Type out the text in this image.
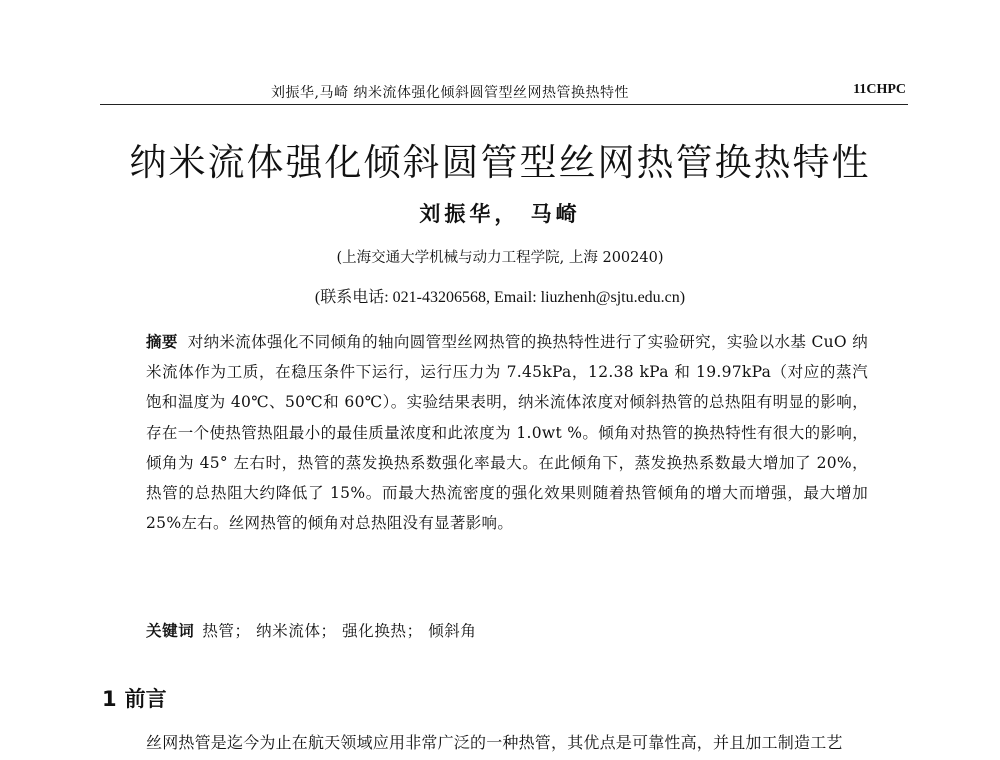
刘振华,马崎 纳米流体强化倾斜圆管型丝网热管换热特性	11CHPC
纳米流体强化倾斜圆管型丝网热管换热特性
刘振华， 马崎
(上海交通大学机械与动力工程学院, 上海 200240)
(联系电话: 021-43206568, Email: liuzhenh@sjtu.edu.cn)
摘要 对纳米流体强化不同倾角的轴向圆管型丝网热管的换热特性进行了实验研究，实验以水基 CuO 纳米流体作为工质，在稳压条件下运行，运行压力为 7.45kPa，12.38 kPa 和 19.97kPa（对应的蒸汽饱和温度为 40℃、50℃和 60℃）。实验结果表明，纳米流体浓度对倾斜热管的总热阻有明显的影响，存在一个使热管热阻最小的最佳质量浓度和此浓度为 1.0wt %。倾角对热管的换热特性有很大的影响，倾角为 45° 左右时，热管的蒸发换热系数强化率最大。在此倾角下，蒸发换热系数最大增加了 20%，热管的总热阻大约降低了 15%。而最大热流密度的强化效果则随着热管倾角的增大而增强，最大增加 25%左右。丝网热管的倾角对总热阻没有显著影响。
关键词 热管； 纳米流体； 强化换热； 倾斜角
1 前言
丝网热管是迄今为止在航天领域应用非常广泛的一种热管，其优点是可靠性高，并且加工制造工艺
